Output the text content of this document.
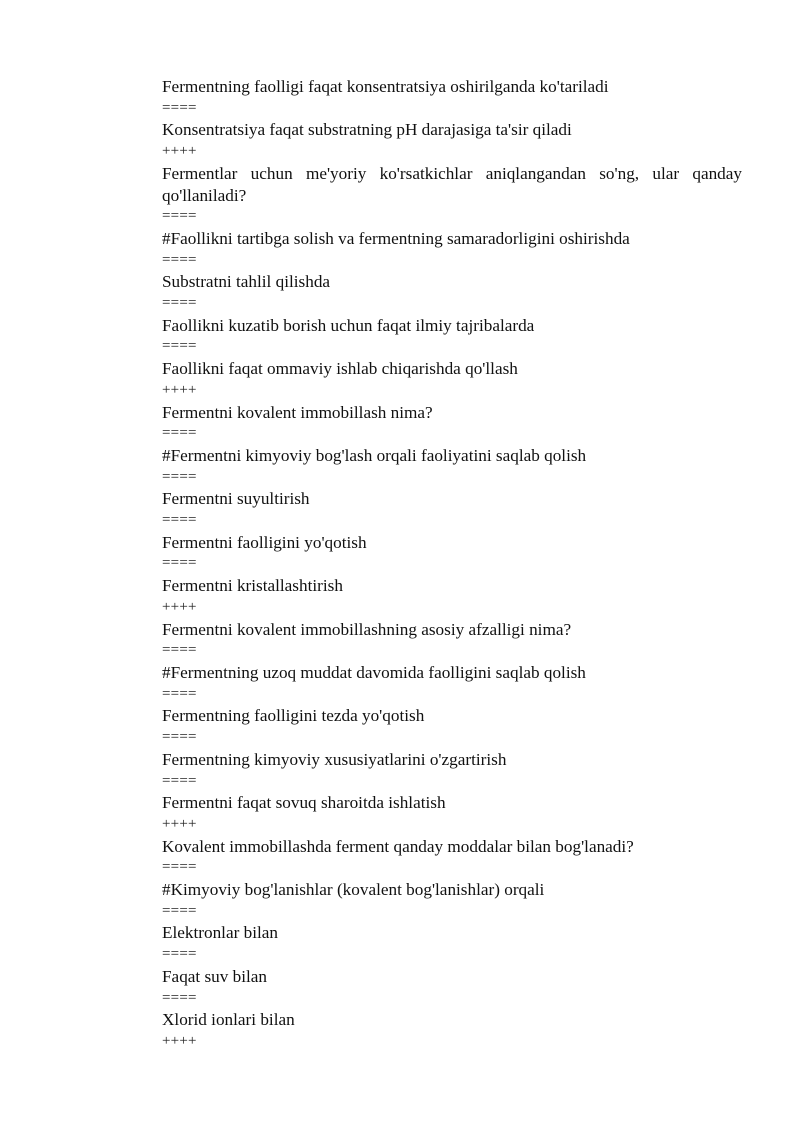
Fermentning faolligi faqat konsentratsiya oshirilganda ko'tariladi

====

Konsentratsiya faqat substratning pH darajasiga ta'sir qiladi

++++

Fermentlar uchun me'yoriy ko'rsatkichlar aniqlangandan so'ng, ular qanday qo'llaniladi?

====

#Faollikni tartibga solish va fermentning samaradorligini oshirishda

====

Substratni tahlil qilishda

====

Faollikni kuzatib borish uchun faqat ilmiy tajribalarda

====

Faollikni faqat ommaviy ishlab chiqarishda qo'llash

++++

Fermentni kovalent immobillash nima?

====

#Fermentni kimyoviy bog'lash orqali faoliyatini saqlab qolish

====

Fermentni suyultirish

====

Fermentni faolligini yo'qotish

====

Fermentni kristallashtirish

++++

Fermentni kovalent immobillashning asosiy afzalligi nima?

====

#Fermentning uzoq muddat davomida faolligini saqlab qolish

====

Fermentning faolligini tezda yo'qotish

====

Fermentning kimyoviy xususiyatlarini o'zgartirish

====

Fermentni faqat sovuq sharoitda ishlatish

++++

Kovalent immobillashda ferment qanday moddalar bilan bog'lanadi?

====

#Kimyoviy bog'lanishlar (kovalent bog'lanishlar) orqali

====

Elektronlar bilan

====

Faqat suv bilan

====

Xlorid ionlari bilan

++++
